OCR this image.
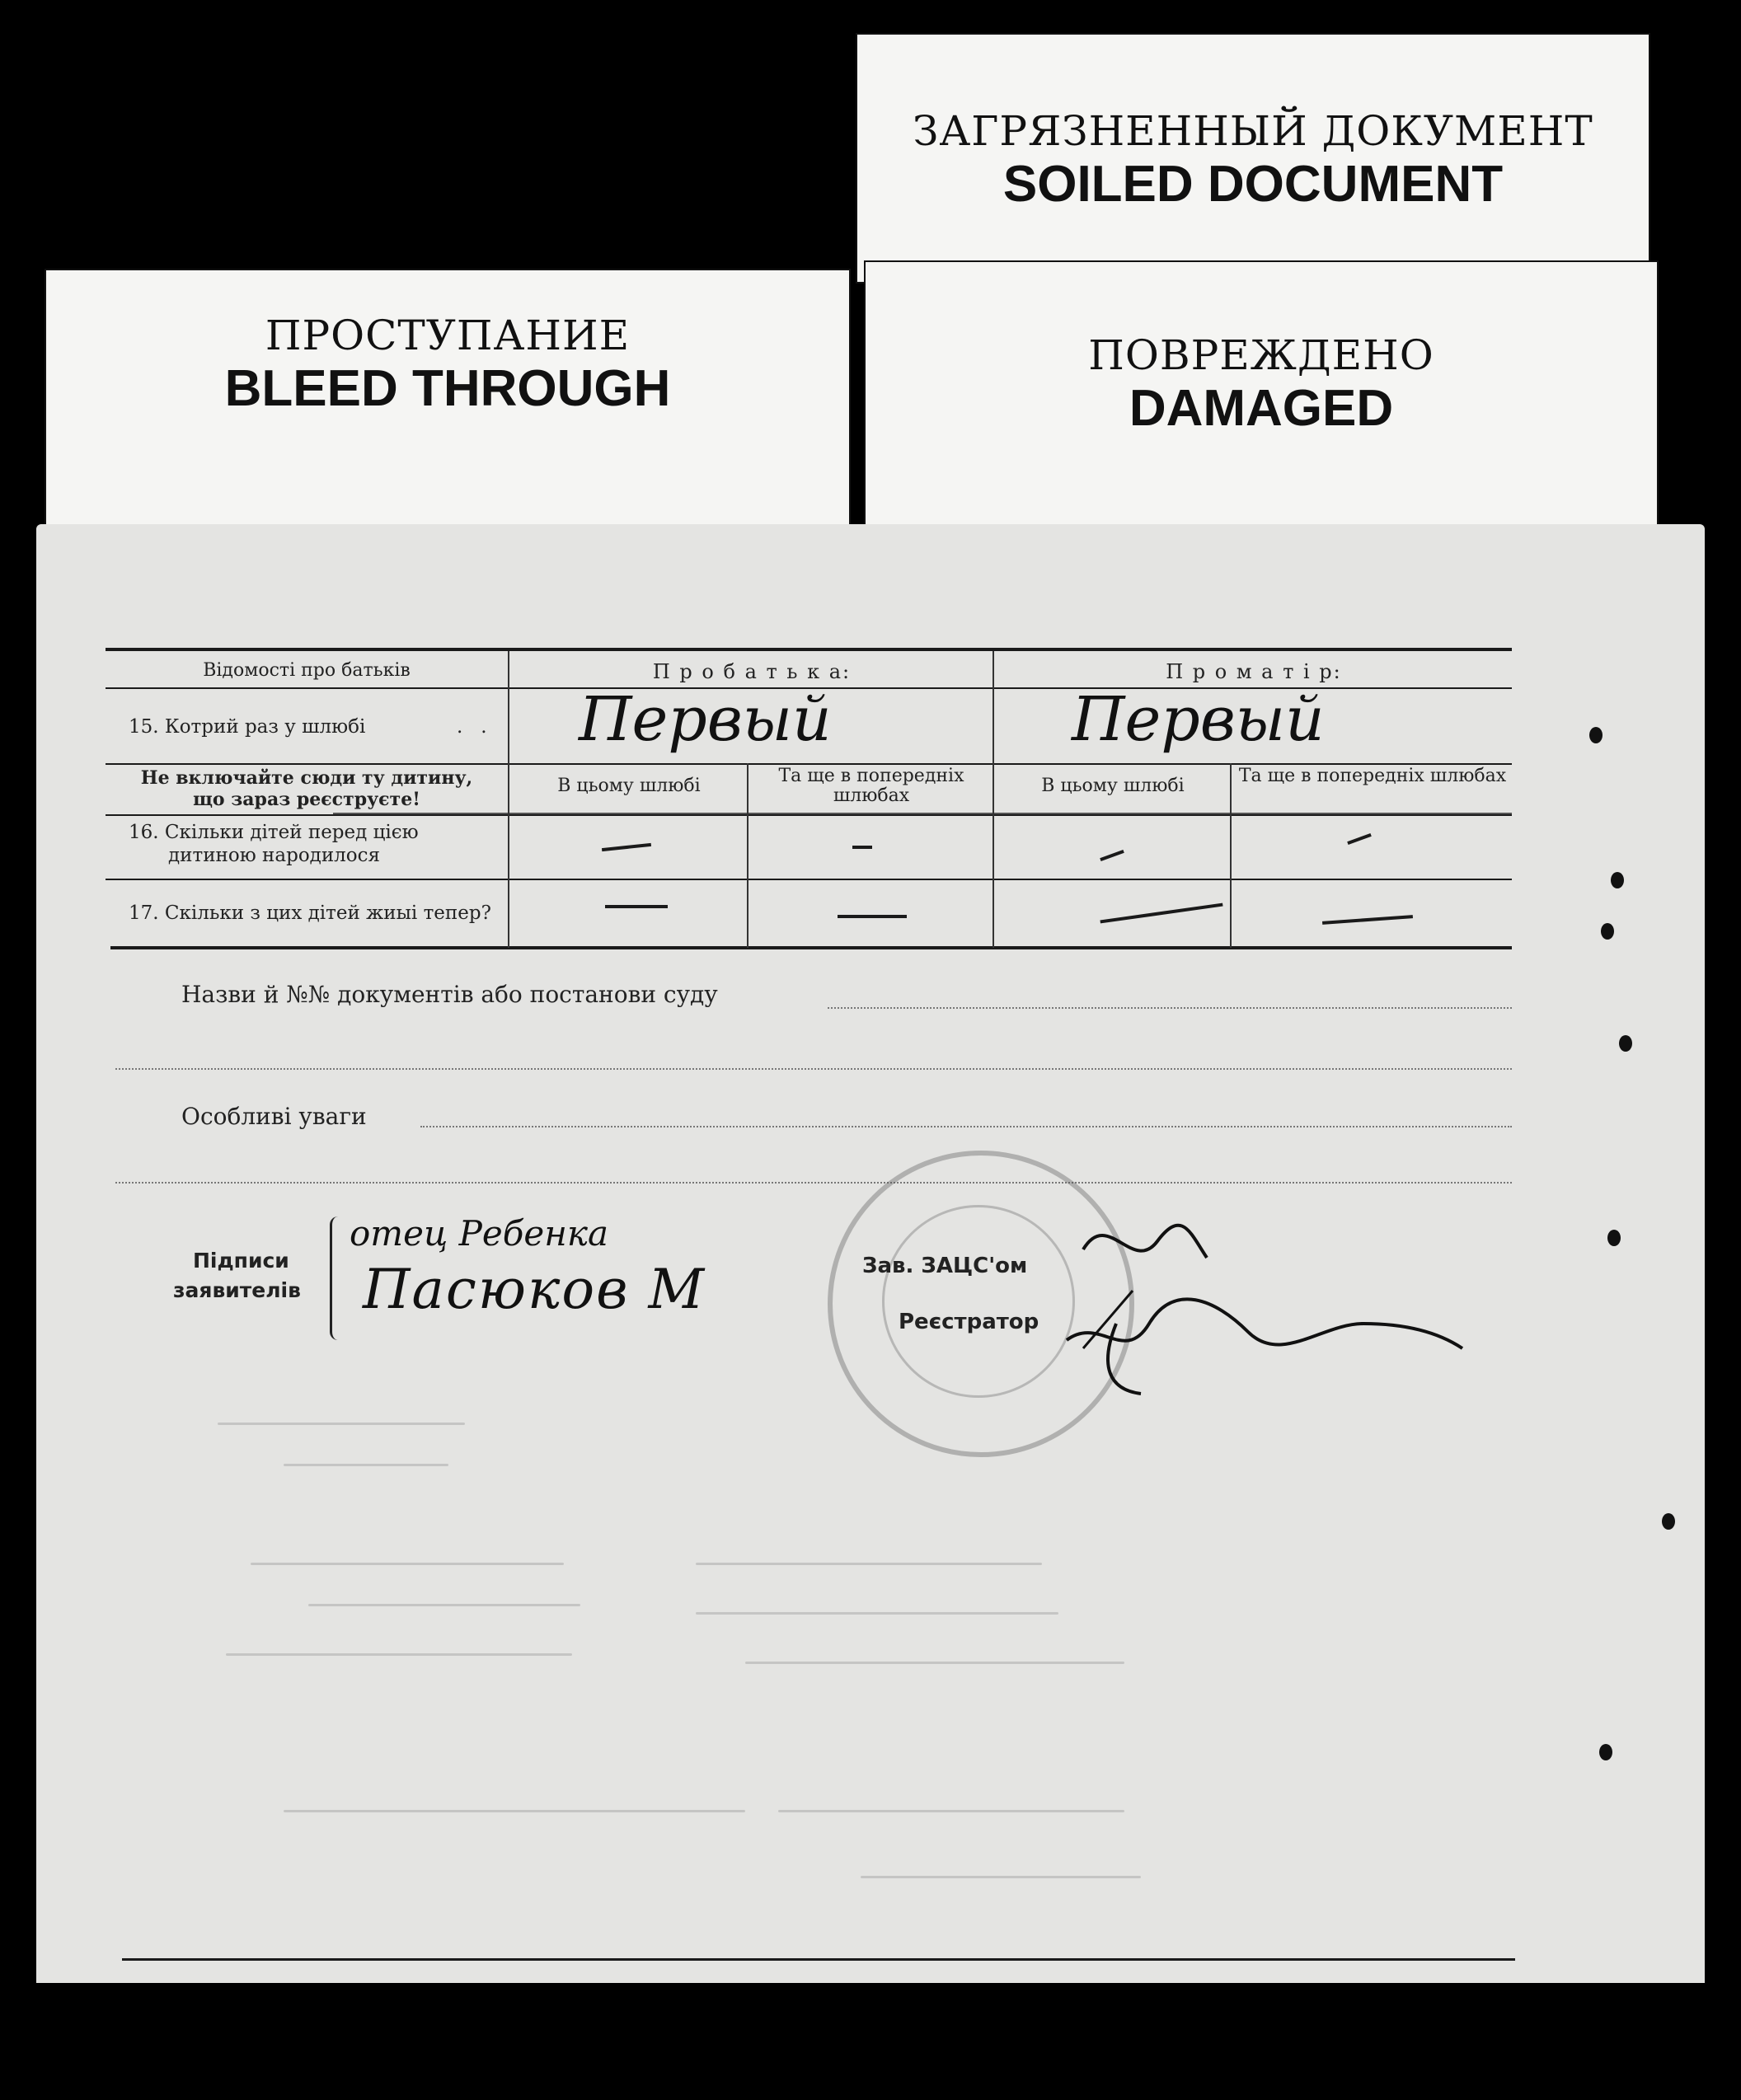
ЗАГРЯЗНЕННЫЙ ДОКУМЕНТ
SOILED DOCUMENT
ПРОСТУПАНИЕ
BLEED THROUGH
ПОВРЕЖДЕНО
DAMAGED
Відомості про батьків	П р о б а т ь к а:	П р о м а т і р:
15. Котрий раз у шлюбі	.   . Первый	Первый
Не включайте сюди ту дитину,
що зараз реєструєте!
В цьому шлюбі	Та ще в попередніх шлюбах	В цьому шлюбі	Та ще в попередніх шлюбах
16. Скільки дітей перед цією
дитиною народилося
17. Скільки з цих дітей жиыі тепер?
Назви й №№ документів або постанови суду
Особливі уваги
Підписи
заявителів
отец Ребенка
Пасюков М	Зав. ЗАЦС'ом
Реєстратор
